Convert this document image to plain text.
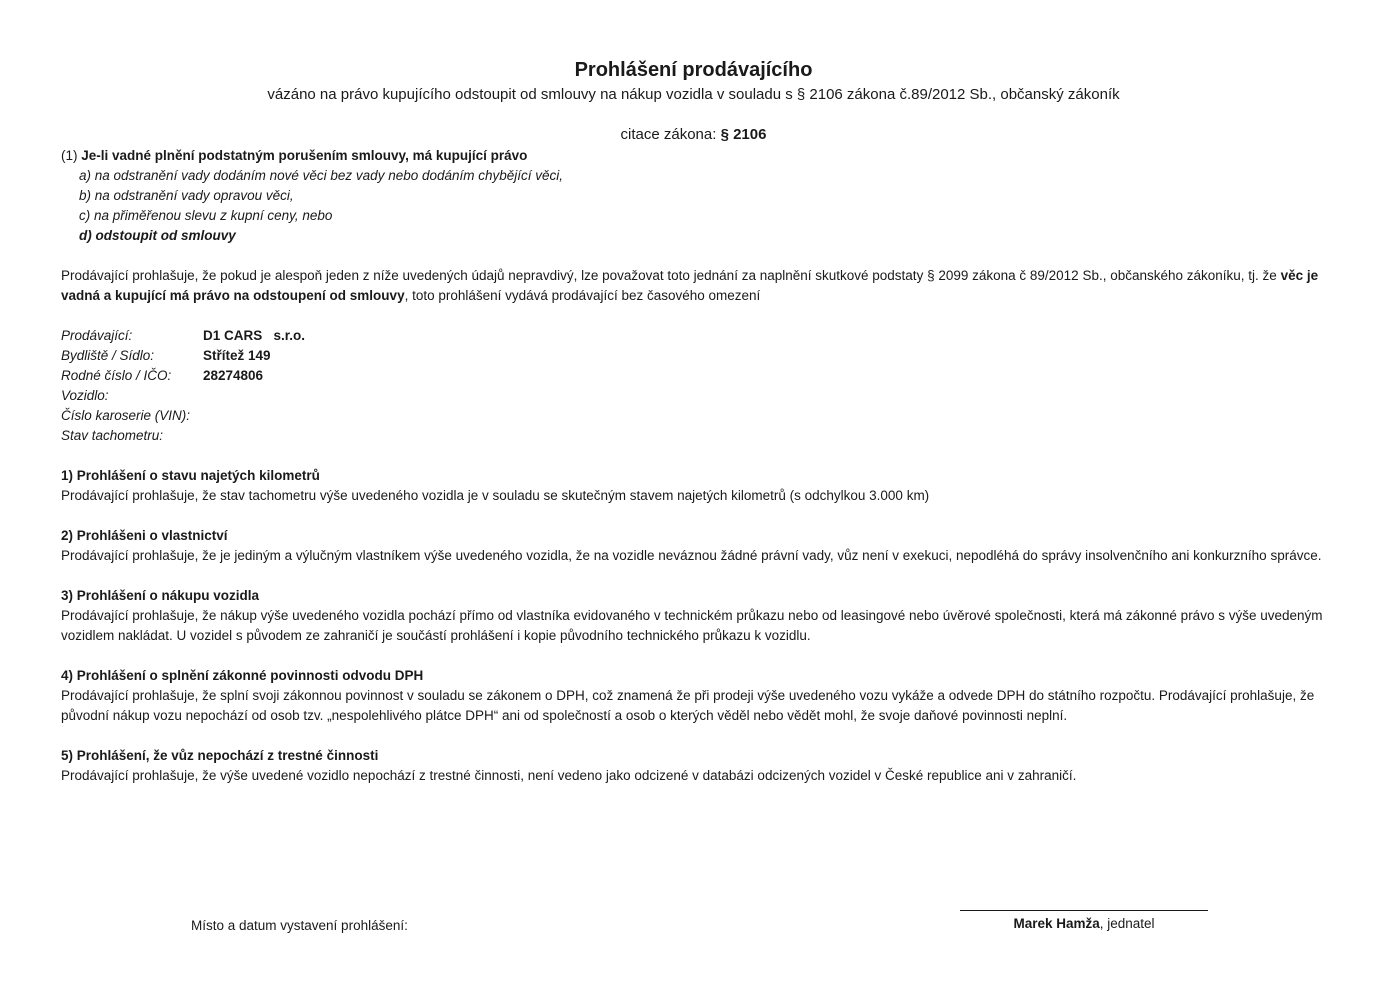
Prohlášení prodávajícího
vázáno na právo kupujícího odstoupit od smlouvy na nákup vozidla v souladu s § 2106 zákona č.89/2012 Sb., občanský zákoník
citace zákona: § 2106
(1) Je-li vadné plnění podstatným porušením smlouvy, má kupující právo
a) na odstranění vady dodáním nové věci bez vady nebo dodáním chybějící věci,
b) na odstranění vady opravou věci,
c) na přiměřenou slevu z kupní ceny, nebo
d) odstoupit od smlouvy
Prodávající prohlašuje, že pokud je alespoň jeden z níže uvedených údajů nepravdivý, lze považovat toto jednání za naplnění skutkové podstaty § 2099 zákona č 89/2012 Sb., občanského zákoníku, tj. že věc je vadná a kupující má právo na odstoupení od smlouvy, toto prohlášení vydává prodávající bez časového omezení
Prodávající:	D1 CARS   s.r.o.
Bydliště / Sídlo:	Střítež 149
Rodné číslo / IČO:	28274806
Vozidlo:
Číslo karoserie (VIN):
Stav tachometru:
1) Prohlášení o stavu najetých kilometrů
Prodávající prohlašuje, že stav tachometru výše uvedeného vozidla je v souladu se skutečným stavem najetých kilometrů (s odchylkou 3.000 km)
2) Prohlášeni o vlastnictví
Prodávající prohlašuje, že je jediným a výlučným vlastníkem výše uvedeného vozidla, že na vozidle neváznou žádné právní vady, vůz není v exekuci, nepodléhá do správy insolvenčního ani konkurzního správce.
3) Prohlášení o nákupu vozidla
Prodávající prohlašuje, že nákup výše uvedeného vozidla pochází přímo od vlastníka evidovaného v technickém průkazu nebo od leasingové nebo úvěrové společnosti, která má zákonné právo s výše uvedeným vozidlem nakládat. U vozidel s původem ze zahraničí je součástí prohlášení i kopie původního technického průkazu k vozidlu.
4) Prohlášení o splnění zákonné povinnosti odvodu DPH
Prodávající prohlašuje, že splní svoji zákonnou povinnost v souladu se zákonem o DPH, což znamená že při prodeji výše uvedeného vozu vykáže a odvede DPH do státního rozpočtu. Prodávající prohlašuje, že původní nákup vozu nepochází od osob tzv. „nespolehlivého plátce DPH“ ani od společností a osob o kterých věděl nebo vědět mohl, že svoje daňové povinnosti neplní.
5) Prohlášení, že vůz nepochází z trestné činnosti
Prodávající prohlašuje, že výše uvedené vozidlo nepochází z trestné činnosti, není vedeno jako odcizené v databázi odcizených vozidel v České republice ani v zahraničí.
Místo a datum vystavení prohlášení:	Marek Hamža, jednatel
